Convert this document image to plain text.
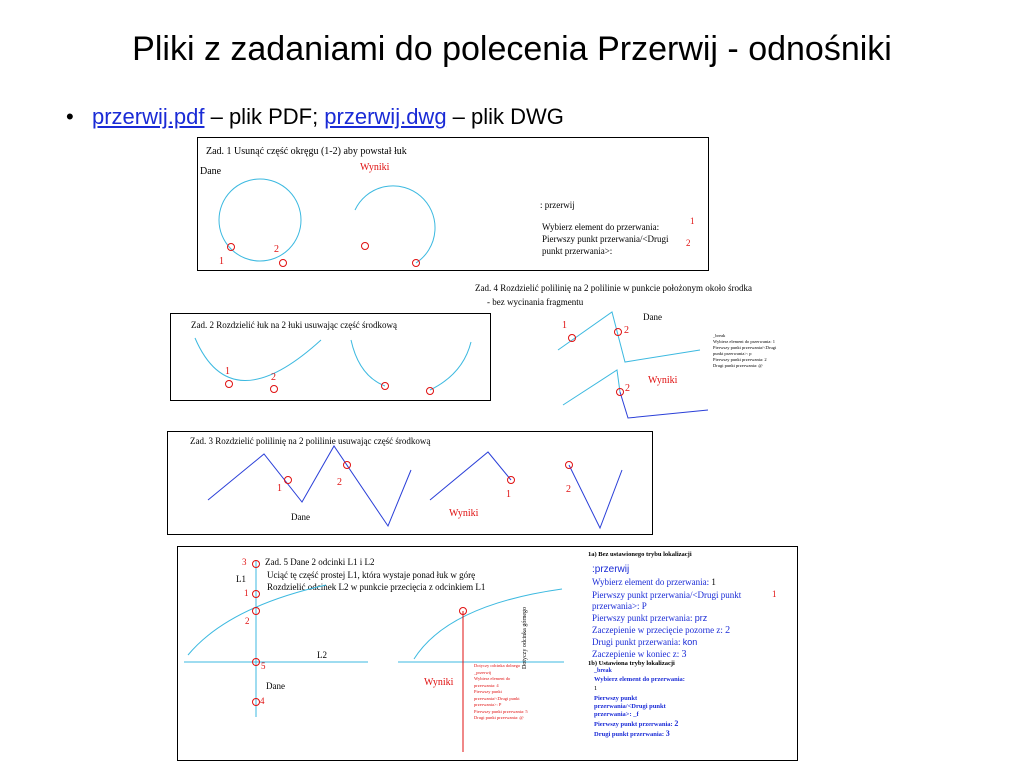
Pliki z zadaniami do polecenia Przerwij - odnośniki
• przerwij.pdf – plik PDF; przerwij.dwg – plik DWG
Zad. 1 Usunąć część okręgu (1-2) aby powstał łuk
Dane	Wyniki
1
2
: przerwij
Wybierz element do przerwania:
Pierwszy punkt przerwania/<Drugi
punkt przerwania>:
1
2
Zad. 4 Rozdzielić polilinię na 2 polilinie w punkcie położonym około środka
- bez wycinania fragmentu
Dane
Wyniki
1	2
2
_break
Wybierz element do przerwania: 1
Pierwszy punkt przerwania/<Drugi
punkt przerwania>: p
Pierwszy punkt przerwania: 2
Drugi punkt przerwania: @
Zad. 2 Rozdzielić łuk na 2 łuki usuwając część środkową
1
2
Zad. 3 Rozdzielić polilinię na 2 polilinie usuwając część środkową
1
2
1	2
Dane	Wyniki
Zad. 5 Dane 2 odcinki L1 i L2
Uciąć tę część prostej L1, która wystaje ponad łuk w górę
Rozdzielić odcinek L2 w punkcie przecięcia z odcinkiem L1
L1
L2
Dane	Wyniki
3
1
2
5
4
Dotyczy odcinka dolnego
_przerwij
Wybierz element do
przerwania: 4
Pierwszy punkt
przerwania/<Drugi punkt
przerwania>: P
Pierwszy punkt przerwania: 5
Drugi punkt przerwania: @
Dotyczy odcinka górnego
1a) Bez ustawionego trybu lokalizacji
:przerwij
Wybierz element do przerwania: 1
Pierwszy punkt przerwania/<Drugi punkt
przerwania>: P
Pierwszy punkt przerwania: prz
Zaczepienie w przecięcie pozorne z: 2
Drugi punkt przerwania: kon
Zaczepienie w koniec z: 3
1
1b) Ustawiona tryby lokalizacji
_break
Wybierz element do przerwania:
1
Pierwszy punkt
przerwania/<Drugi punkt
przerwania>: _f
Pierwszy punkt przerwania: 2
Drugi punkt przerwania: 3
